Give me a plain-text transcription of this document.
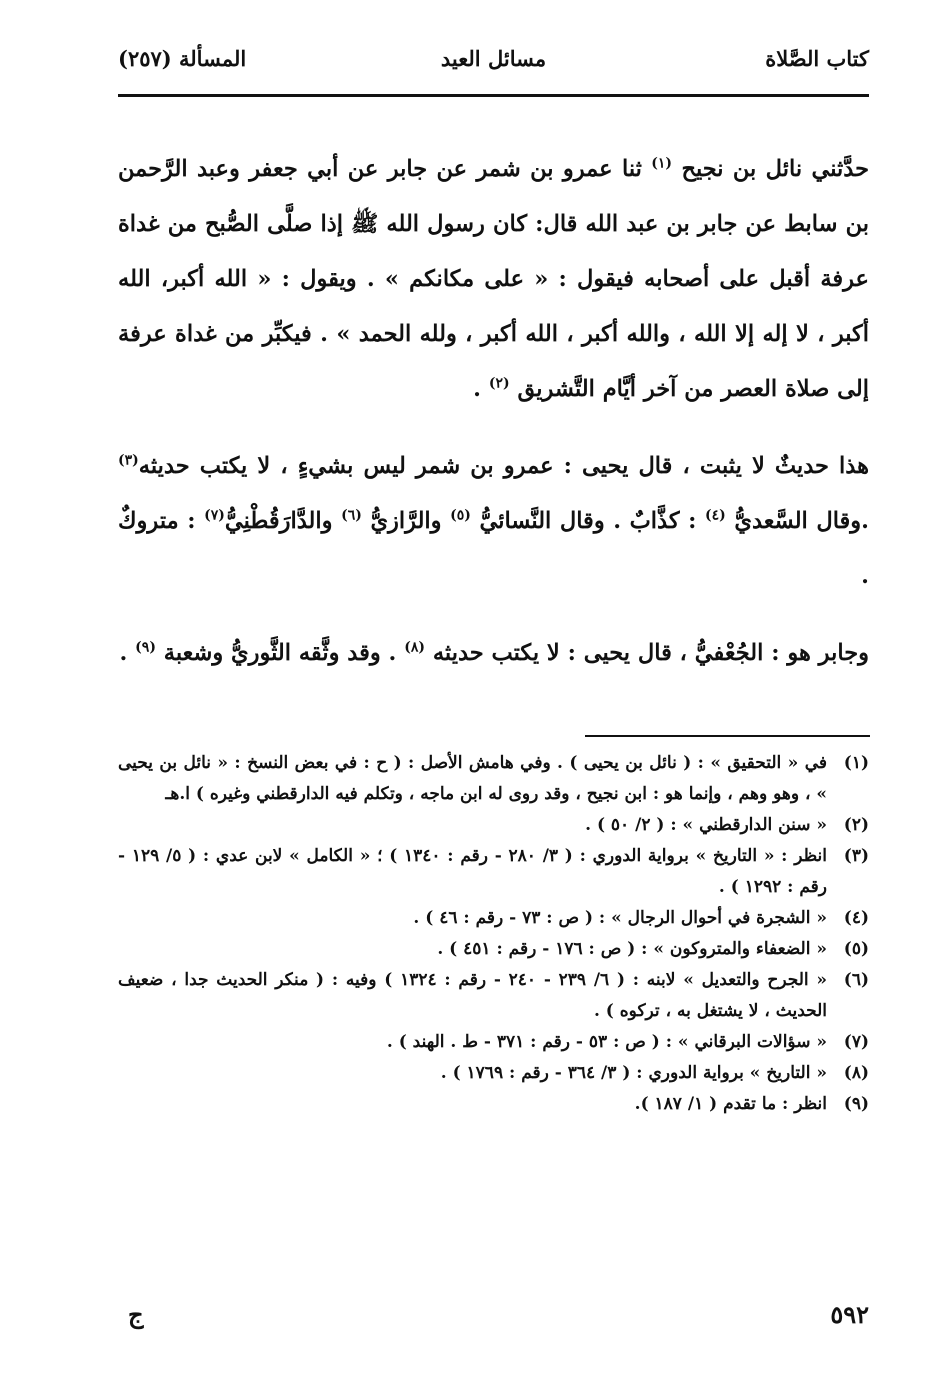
كتاب الصَّلاة
مسائل العيد
المسألة (٢٥٧)

حدَّثني نائل بن نجيح $^{(١)}$ ثنا عمرو بن شمر عن جابر عن أبي جعفر وعبد الرَّحمن بن سابط عن جابر بن عبد الله قال: كان رسول الله ﷺ إذا صلَّى الصُّبح من غداة عرفة أقبل على أصحابه فيقول : « على مكانكم » . ويقول : « الله أكبر، الله أكبر ، لا إله إلا الله ، والله أكبر ، الله أكبر ، ولله الحمد » . فيكبِّر من غداة عرفة إلى صلاة العصر من آخر أيَّام التَّشريق $^{(٢)}$ .

هذا حديثٌ لا يثبت ، قال يحيى : عمرو بن شمر ليس بشيءٍ ، لا يكتب حديثه$^{(٣)}$ .وقال السَّعديُّ $^{(٤)}$ : كذَّابٌ . وقال النَّسائيُّ $^{(٥)}$ والرَّازيُّ $^{(٦)}$ والدَّارَقُطْنِيُّ$^{(٧)}$ : متروكٌ .

وجابر هو : الجُعْفيُّ ، قال يحيى : لا يكتب حديثه $^{(٨)}$ . وقد وثَّقه الثَّوريُّ وشعبة $^{(٩)}$ .

(١)
في « التحقيق » : ( نائل بن يحيى ) . وفي هامش الأصل : ( ح : في بعض النسخ : « نائل بن يحيى » ، وهو وهم ، وإنما هو : ابن نجيح ، وقد روى له ابن ماجه ، وتكلم فيه الدارقطني وغيره ) ا.هـ
(٢)
« سنن الدارقطني » : ( ٢/ ٥٠ ) .
(٣)
انظر : « التاريخ » برواية الدوري : ( ٣/ ٢٨٠ - رقم : ١٣٤٠ ) ؛ « الكامل » لابن عدي : ( ٥/ ١٢٩ - رقم : ١٢٩٢ ) .
(٤)
« الشجرة في أحوال الرجال » : ( ص : ٧٣ - رقم : ٤٦ ) .
(٥)
« الضعفاء والمتروكون » : ( ص : ١٧٦ - رقم : ٤٥١ ) .
(٦)
« الجرح والتعديل » لابنه : ( ٦/ ٢٣٩ - ٢٤٠ - رقم : ١٣٢٤ ) وفيه : ( منكر الحديث جدا ، ضعيف الحديث ، لا يشتغل به ، تركوه ) .
(٧)
« سؤالات البرقاني » : ( ص : ٥٣ - رقم : ٣٧١ - ط . الهند ) .
(٨)
« التاريخ » برواية الدوري : ( ٣/ ٣٦٤ - رقم : ١٧٦٩ ) .
(٩)
انظر : ما تقدم ( ١/ ١٨٧ ).
٥٩٢
ج
